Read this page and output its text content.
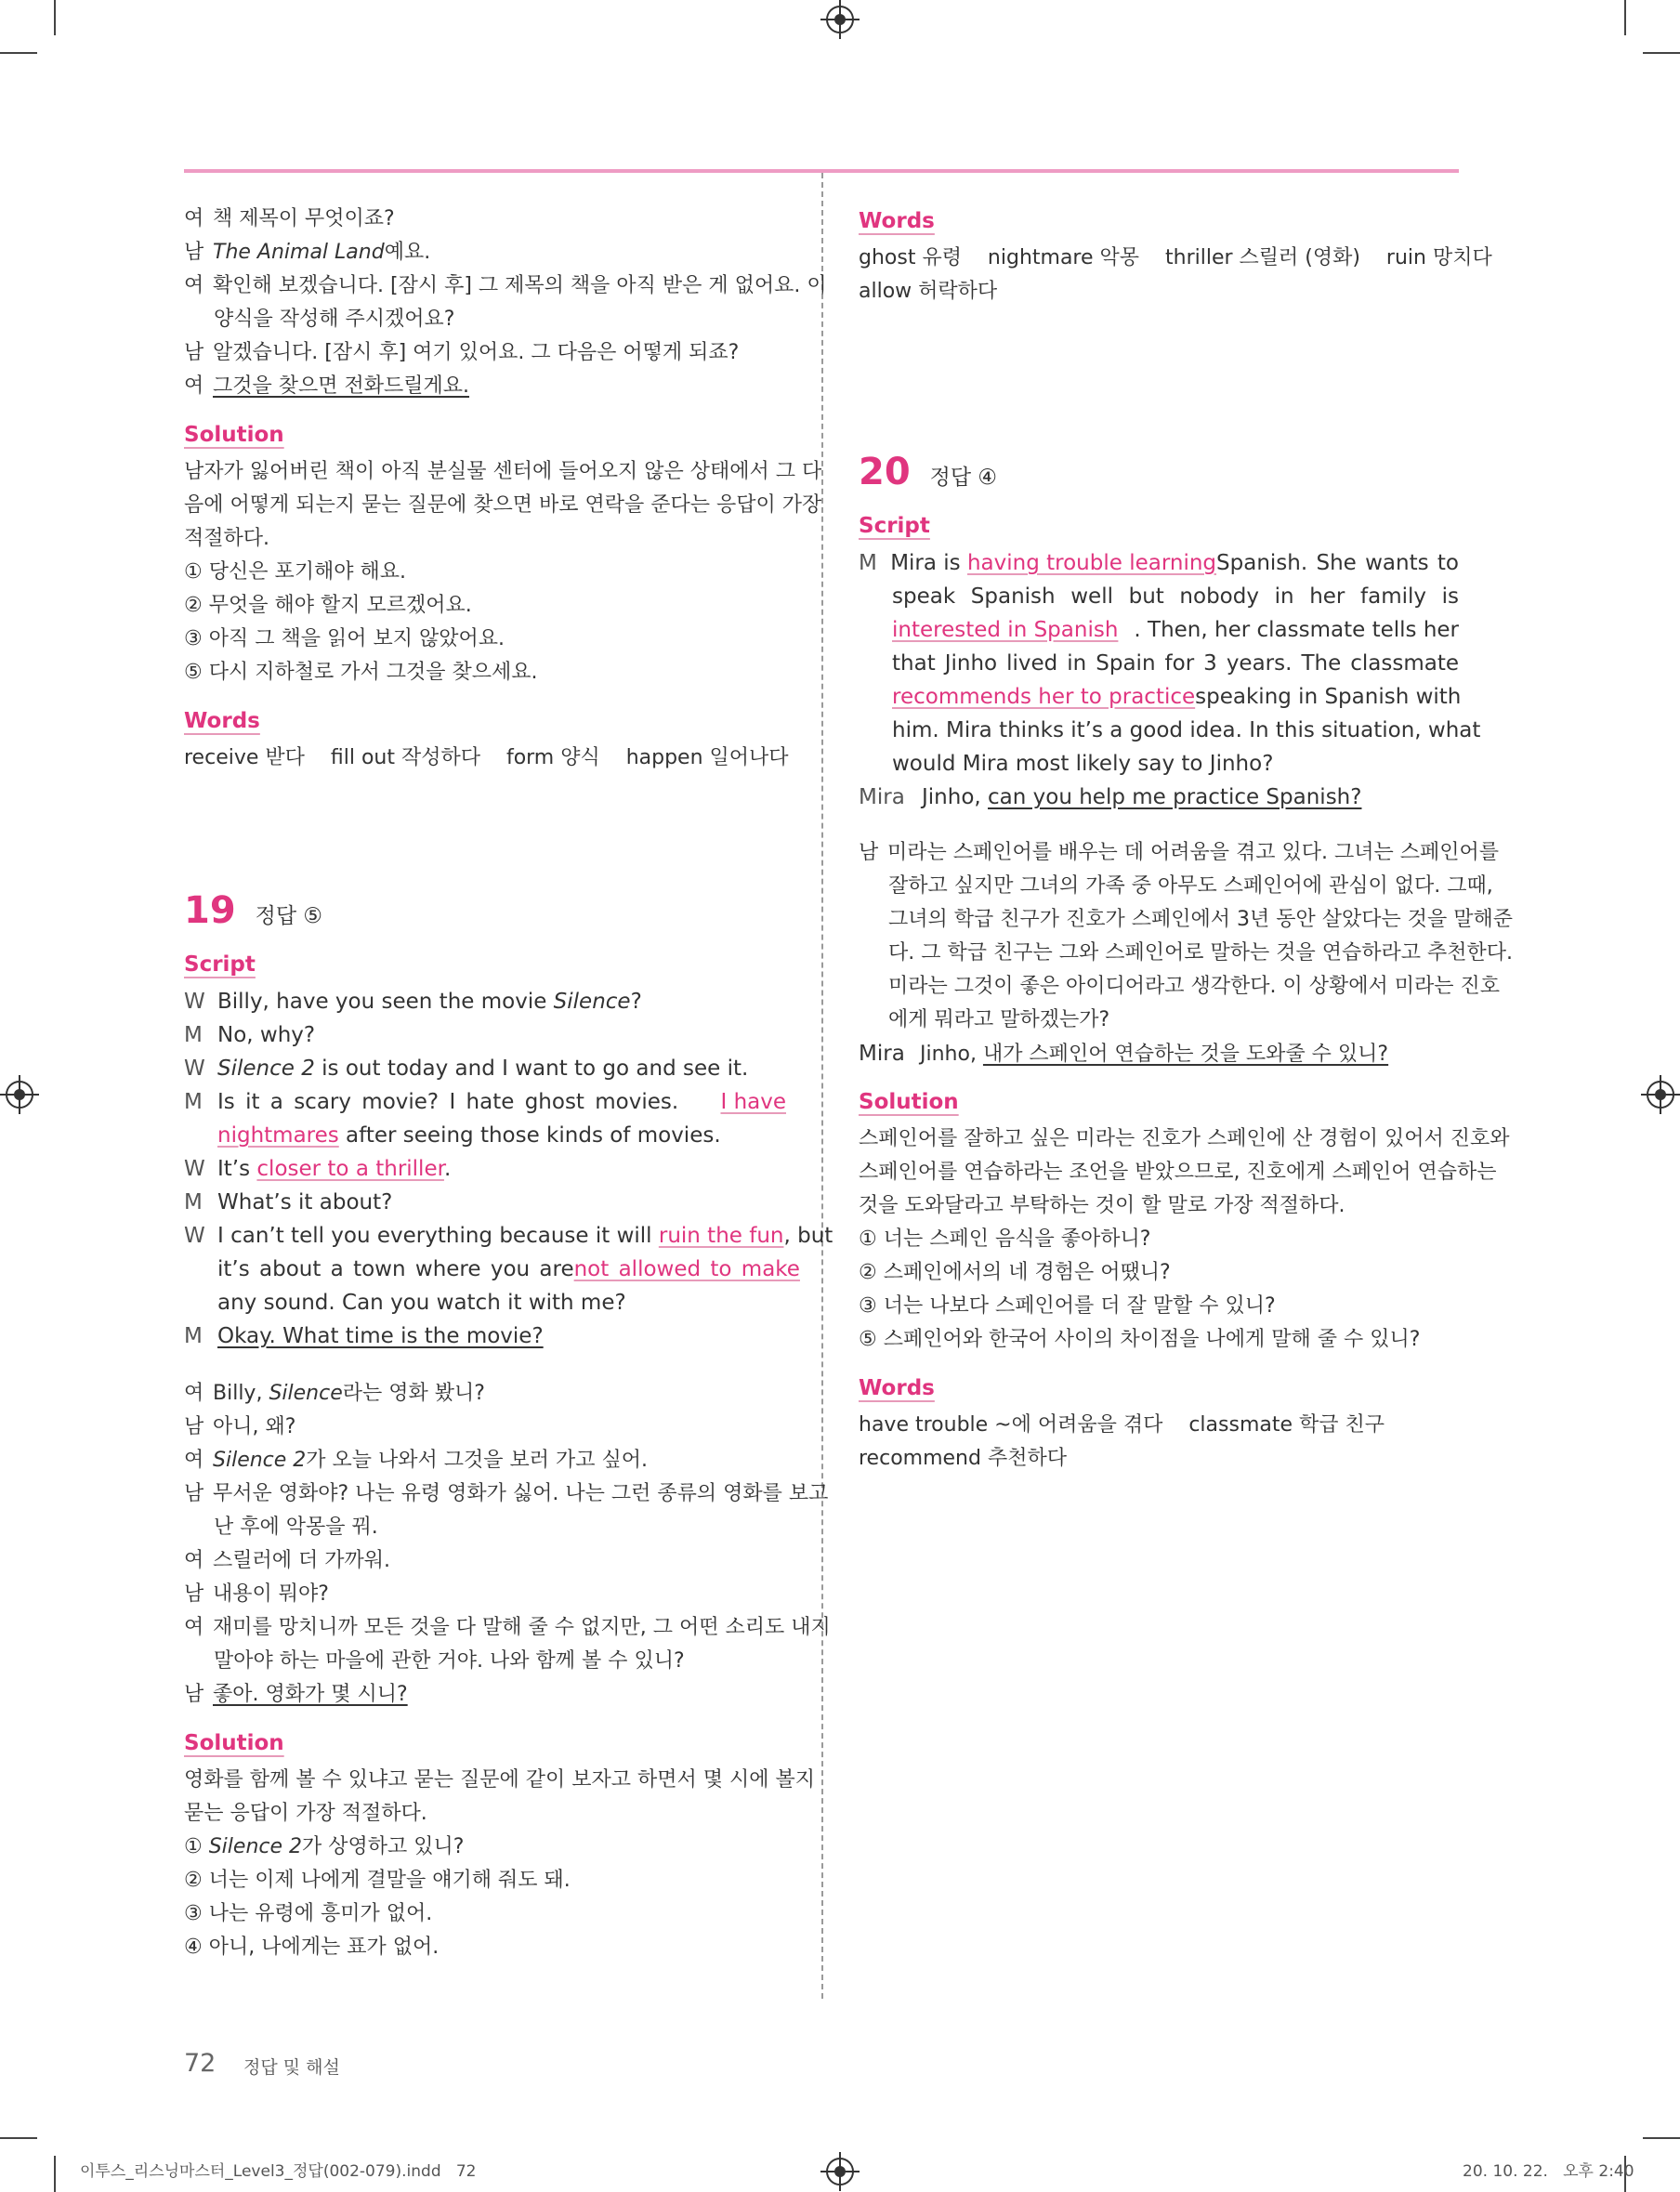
여 책 제목이 무엇이죠?
남 The Animal Land예요.
여 확인해 보겠습니다. [잠시 후] 그 제목의 책을 아직 받은 게 없어요. 이
양식을 작성해 주시겠어요?
남 알겠습니다. [잠시 후] 여기 있어요. 그 다음은 어떻게 되죠?
여 그것을 찾으면 전화드릴게요.
Solution
남자가 잃어버린 책이 아직 분실물 센터에 들어오지 않은 상태에서 그 다
음에 어떻게 되는지 묻는 질문에 찾으면 바로 연락을 준다는 응답이 가장
적절하다.
① 당신은 포기해야 해요.
② 무엇을 해야 할지 모르겠어요.
③ 아직 그 책을 읽어 보지 않았어요.
⑤ 다시 지하철로 가서 그것을 찾으세요.
Words
receive 받다    fill out 작성하다    form 양식    happen 일어나다
19 정답 ⑤
Script
W Billy, have you seen the movie Silence?
M No, why?
W Silence 2 is out today and I want to go and see it.
M Is it a scary movie? I hate ghost movies. I have
nightmares after seeing those kinds of movies.
W It’s closer to a thriller.
M What’s it about?
W I can’t tell you everything because it will ruin the fun, but
it’s about a town where you are not allowed to make
any sound. Can you watch it with me?
M Okay. What time is the movie?
여 Billy, Silence라는 영화 봤니?
남 아니, 왜?
여 Silence 2가 오늘 나와서 그것을 보러 가고 싶어.
남 무서운 영화야? 나는 유령 영화가 싫어. 나는 그런 종류의 영화를 보고
난 후에 악몽을 꿔.
여 스릴러에 더 가까워.
남 내용이 뭐야?
여 재미를 망치니까 모든 것을 다 말해 줄 수 없지만, 그 어떤 소리도 내지
말아야 하는 마을에 관한 거야. 나와 함께 볼 수 있니?
남 좋아. 영화가 몇 시니?
Solution
영화를 함께 볼 수 있냐고 묻는 질문에 같이 보자고 하면서 몇 시에 볼지
묻는 응답이 가장 적절하다.
① Silence 2가 상영하고 있니?
② 너는 이제 나에게 결말을 얘기해 줘도 돼.
③ 나는 유령에 흥미가 없어.
④ 아니, 나에게는 표가 없어.
Words
ghost 유령    nightmare 악몽    thriller 스릴러 (영화)    ruin 망치다
allow 허락하다
20 정답 ④
Script
M Mira is having trouble learning Spanish. She wants to
speak Spanish well but nobody in her family is
interested in Spanish . Then, her classmate tells her
that Jinho lived in Spain for 3 years. The classmate
recommends her to practice speaking in Spanish with
him. Mira thinks it’s a good idea. In this situation, what
would Mira most likely say to Jinho?
Mira Jinho, can you help me practice Spanish?
남 미라는 스페인어를 배우는 데 어려움을 겪고 있다. 그녀는 스페인어를
잘하고 싶지만 그녀의 가족 중 아무도 스페인어에 관심이 없다. 그때,
그녀의 학급 친구가 진호가 스페인에서 3년 동안 살았다는 것을 말해준
다. 그 학급 친구는 그와 스페인어로 말하는 것을 연습하라고 추천한다.
미라는 그것이 좋은 아이디어라고 생각한다. 이 상황에서 미라는 진호
에게 뭐라고 말하겠는가?
Mira Jinho, 내가 스페인어 연습하는 것을 도와줄 수 있니?
Solution
스페인어를 잘하고 싶은 미라는 진호가 스페인에 산 경험이 있어서 진호와
스페인어를 연습하라는 조언을 받았으므로, 진호에게 스페인어 연습하는
것을 도와달라고 부탁하는 것이 할 말로 가장 적절하다.
① 너는 스페인 음식을 좋아하니?
② 스페인에서의 네 경험은 어땠니?
③ 너는 나보다 스페인어를 더 잘 말할 수 있니?
⑤ 스페인어와 한국어 사이의 차이점을 나에게 말해 줄 수 있니?
Words
have trouble ~에 어려움을 겪다    classmate 학급 친구
recommend 추천하다
72 정답 및 해설
이투스_리스닝마스터_Level3_정답(002-079).indd   72	20. 10. 22.   오후 2:40
